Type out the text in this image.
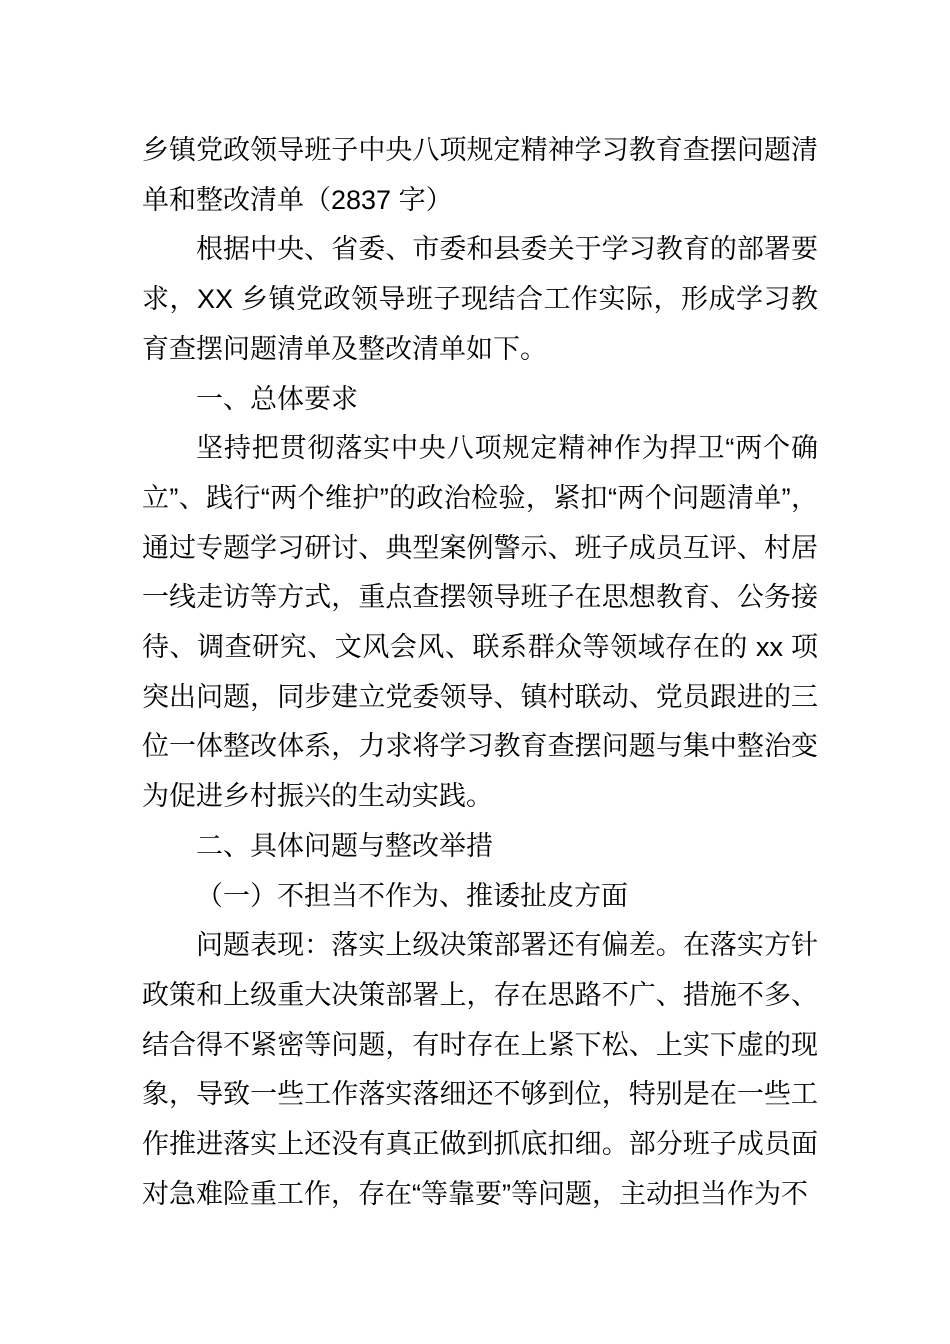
乡镇党政领导班子中央八项规定精神学习教育查摆问题清单和整改清单（2837 字）

根据中央、省委、市委和县委关于学习教育的部署要求，XX 乡镇党政领导班子现结合工作实际，形成学习教育查摆问题清单及整改清单如下。

一、总体要求

坚持把贯彻落实中央八项规定精神作为捍卫“两个确立”、践行“两个维护”的政治检验，紧扣“两个问题清单”，通过专题学习研讨、典型案例警示、班子成员互评、村居一线走访等方式，重点查摆领导班子在思想教育、公务接待、调查研究、文风会风、联系群众等领域存在的 xx 项突出问题，同步建立党委领导、镇村联动、党员跟进的三位一体整改体系，力求将学习教育查摆问题与集中整治变为促进乡村振兴的生动实践。

二、具体问题与整改举措

（一）不担当不作为、推诿扯皮方面

问题表现：落实上级决策部署还有偏差。在落实方针政策和上级重大决策部署上，存在思路不广、措施不多、结合得不紧密等问题，有时存在上紧下松、上实下虚的现象，导致一些工作落实落细还不够到位，特别是在一些工作推进落实上还没有真正做到抓底扣细。部分班子成员面对急难险重工作，存在“等靠要”等问题，主动担当作为不
